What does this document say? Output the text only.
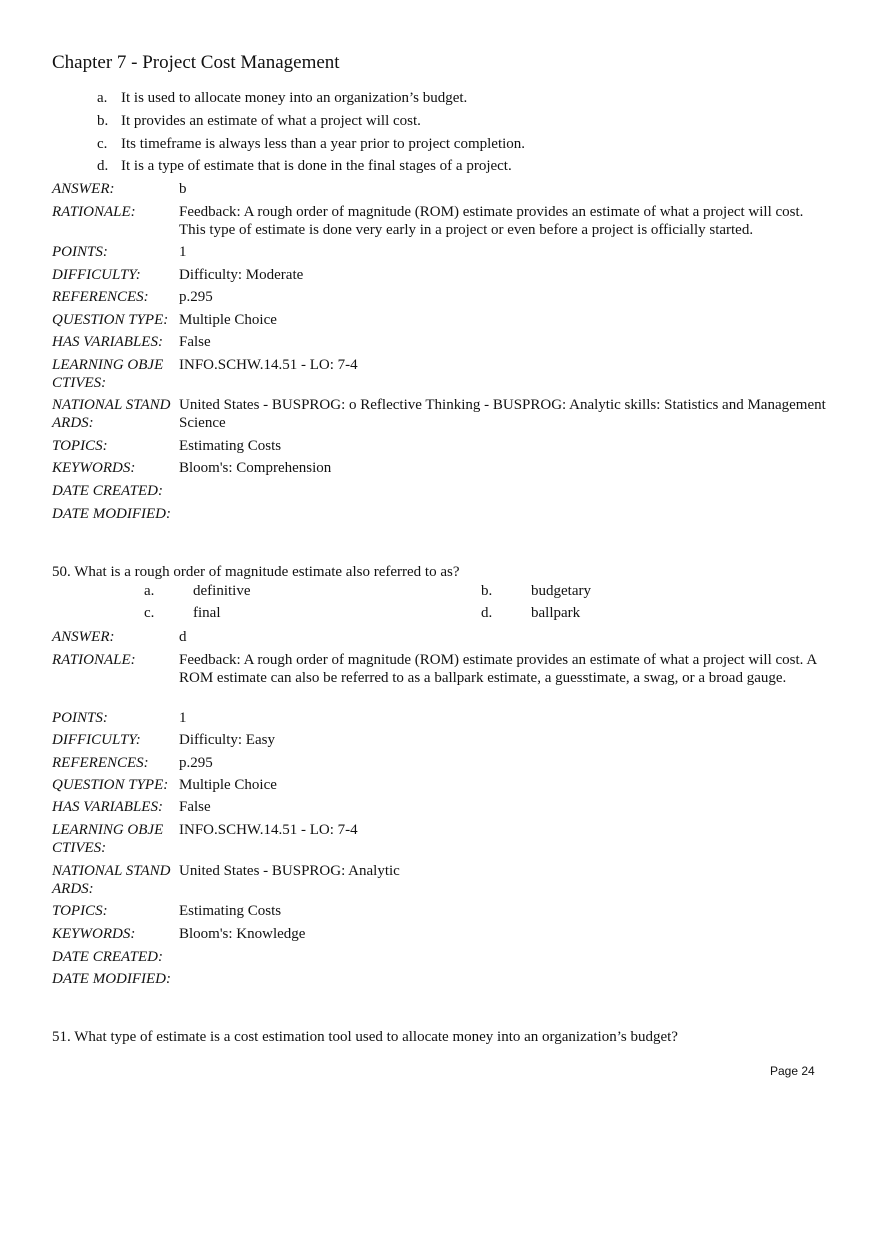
Chapter 7 - Project Cost Management
a. It is used to allocate money into an organization’s budget.
b. It provides an estimate of what a project will cost.
c. Its timeframe is always less than a year prior to project completion.
d. It is a type of estimate that is done in the final stages of a project.
ANSWER:	b
RATIONALE:	Feedback: A rough order of magnitude (ROM) estimate provides an estimate of what a project will cost. This type of estimate is done very early in a project or even before a project is officially started.
POINTS:	1
DIFFICULTY:	Difficulty: Moderate
REFERENCES: p.295
QUESTION TYPE: Multiple Choice
HAS VARIABLES: False
LEARNING OBJE
CTIVES:
INFO.SCHW.14.51 - LO: 7-4
NATIONAL STAND
ARDS:
United States - BUSPROG: o Reflective Thinking - BUSPROG: Analytic skills: Statistics and Management Science
TOPICS:	Estimating Costs
KEYWORDS:	Bloom's: Comprehension
DATE CREATED:
DATE MODIFIED:
50. What is a rough order of magnitude estimate also referred to as?
a.	definitive	b.	budgetary
c.	final	d.	ballpark
ANSWER:	d
RATIONALE:	Feedback: A rough order of magnitude (ROM) estimate provides an estimate of what a project will cost. A ROM estimate can also be referred to as a ballpark estimate, a guesstimate, a swag, or a broad gauge.
POINTS:	1
DIFFICULTY:	Difficulty: Easy
REFERENCES: p.295
QUESTION TYPE: Multiple Choice
HAS VARIABLES: False
LEARNING OBJE
CTIVES:
INFO.SCHW.14.51 - LO: 7-4
NATIONAL STAND
ARDS:
United States - BUSPROG: Analytic
TOPICS:	Estimating Costs
KEYWORDS:	Bloom's: Knowledge
DATE CREATED:
DATE MODIFIED:
51. What type of estimate is a cost estimation tool used to allocate money into an organization’s budget?
Page 24
